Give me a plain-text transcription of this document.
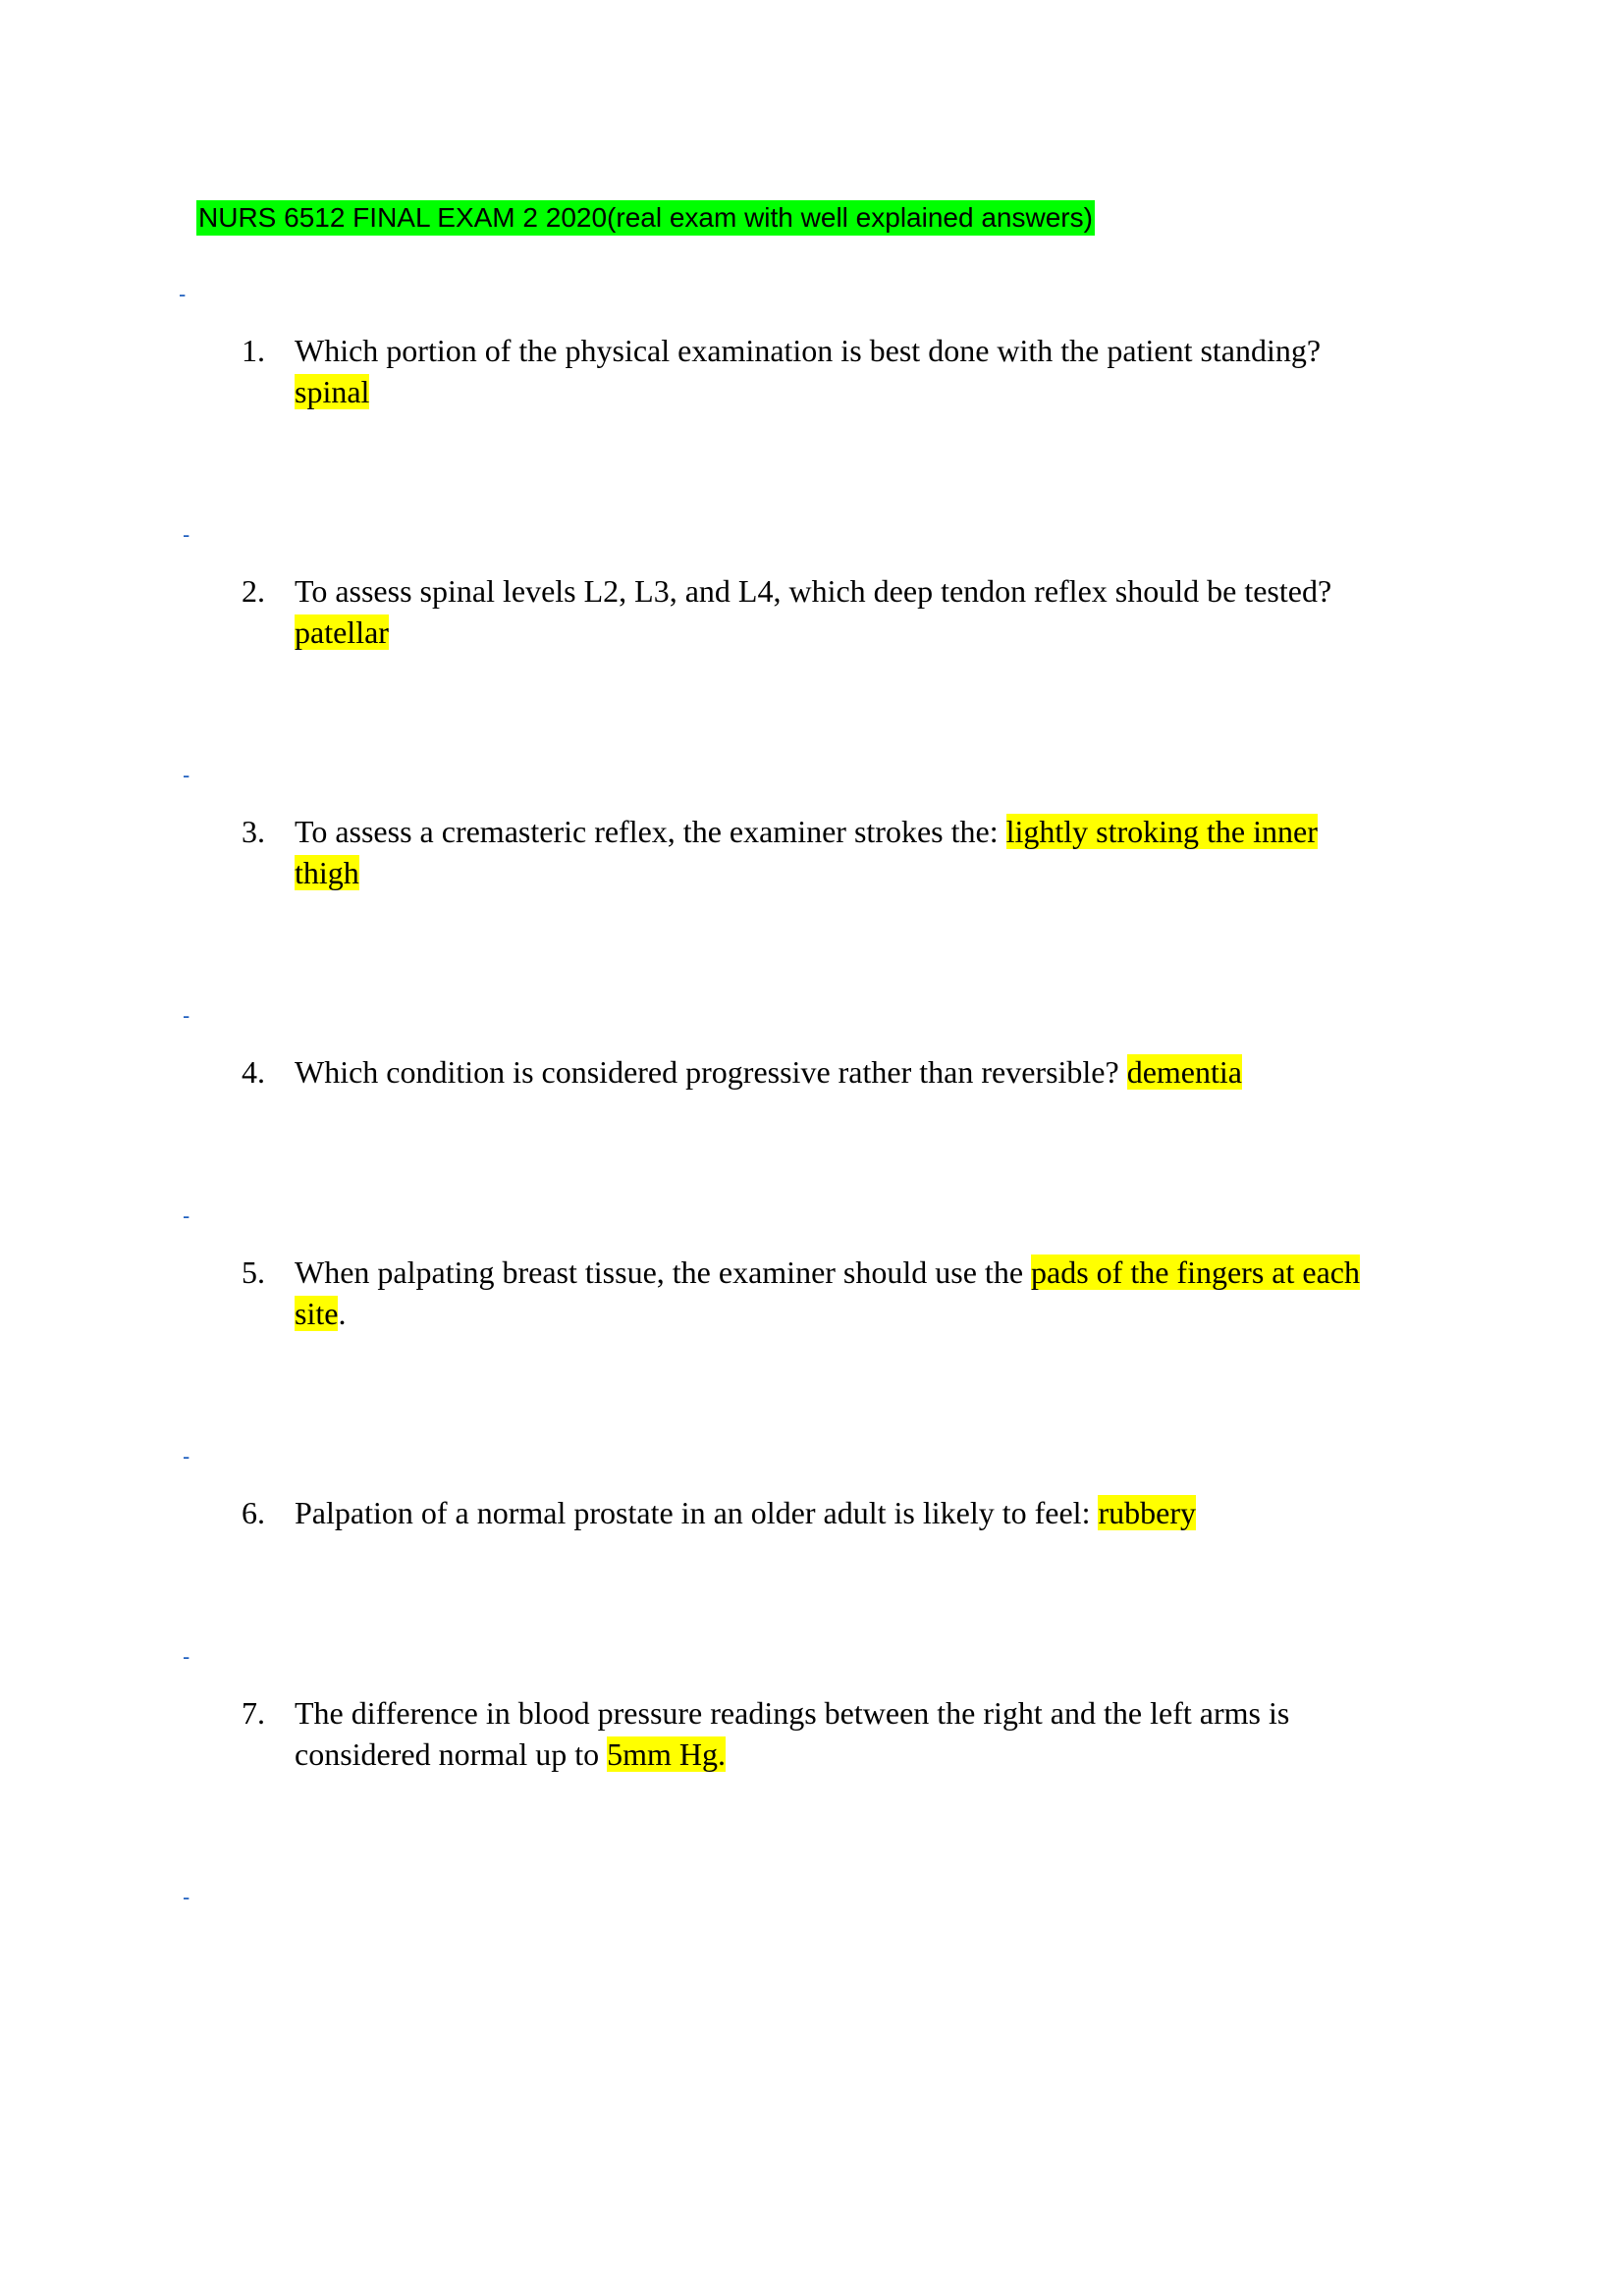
NURS 6512 FINAL EXAM 2 2020(real exam with well explained answers)
-
-
-
-
-
-
-
-
1. Which portion of the physical examination is best done with the patient standing?
spinal
2. To assess spinal levels L2, L3, and L4, which deep tendon reflex should be tested?
patellar
3. To assess a cremasteric reflex, the examiner strokes the: lightly stroking the inner
thigh
4. Which condition is considered progressive rather than reversible? dementia
5. When palpating breast tissue, the examiner should use the pads of the fingers at each
site.
6. Palpation of a normal prostate in an older adult is likely to feel: rubbery
7. The difference in blood pressure readings between the right and the left arms is
considered normal up to 5mm Hg.
